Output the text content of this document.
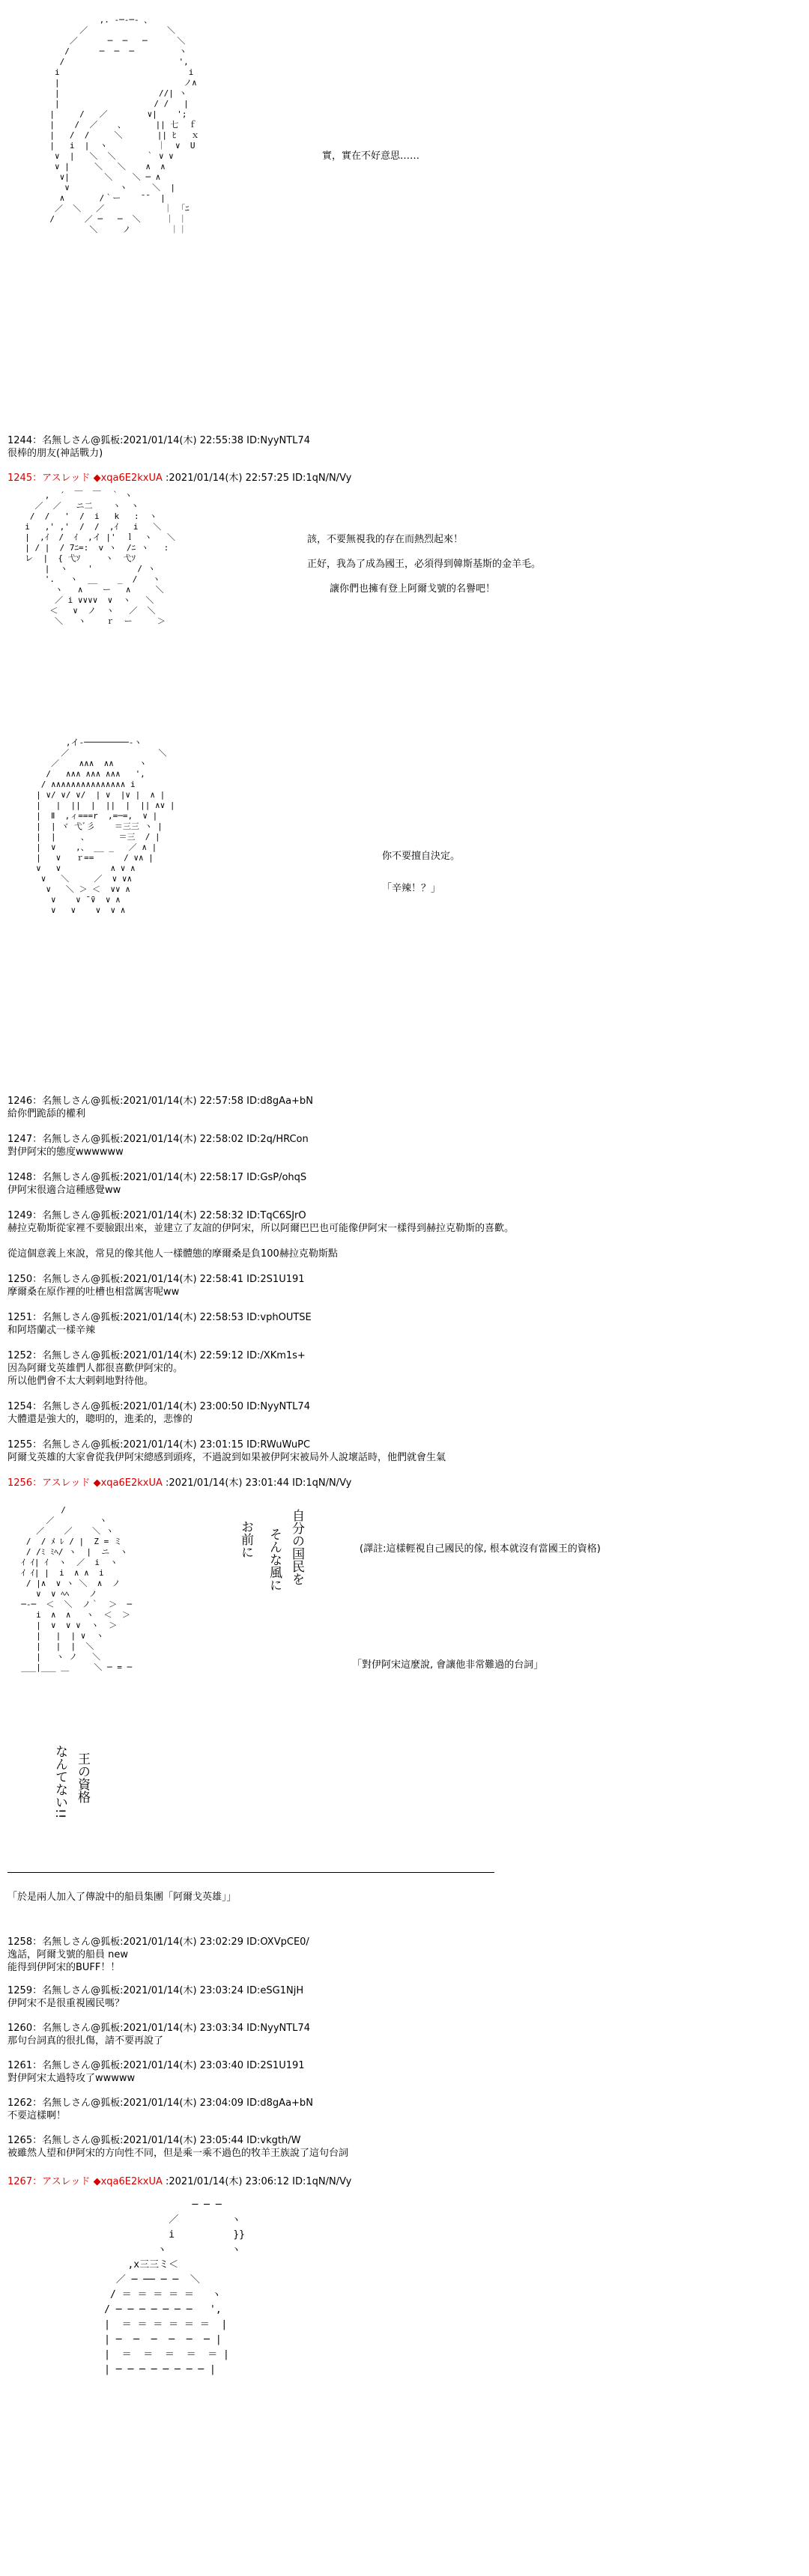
,. -─‐─- 、
／                ＼
／      ─  ─   ─      ＼
/      ─  ─  ─         ヽ
/                       ',
i                          i
|                         ノ∧
|                    //| ヽ
|                   / /   |
|     /   ／        ∨|    ';
|    /  ／    、      || 七  ｆ
|   /  /     ＼       || ﾋ   ｘ
|   i  |  ヽ          ｜  ∨  U
∨  |   ＼  ＼      ｀ ∨ ∨
∨ |     ＼   ＼    ∧  ∧
∨|       ＼    ＼ ─ ∧
∨          ヽ     ＼  |
∧       /｀ー    ̄ ̄   |
／  ＼   ／            ｜ 「ﾆ
/      ／ ─   ─  ＼     ｜ ｜
＼     ノ        ｜｜
實，實在不好意思……
1244：名無しさん@狐板:2021/01/14(木) 22:55:38 ID:NyyNTL74
很棒的朋友(神話戰力)
1245：アスレッド ◆xqa6E2kxUA :2021/01/14(木) 22:57:25 ID:1qN/N/Vy
,  ´  ￣  ￣  ｀ ヽ
／  ／   ニ二    ヽ  ヽ
/  /   '  /  i   k   :  ヽ
i   ,' ,'  /  /  ,ｲ   i   ＼
|  ,ｲ  /  ｲ  ,イ |'  ｌ  ヽ   ＼
| / |  / 7ﾆ=:  v ヽ  /ﾆ ヽ   :
レ  |  { 弋ｿ     ヽ  弋ｿ
|  ヽ    '         / ヽ
'.   ヽ  __    _  /   ヽ
ヽ   ∧    ー   ∧     ＼
／ i ∨∨∨∨  ∨  ヽ   ＼
＜   ∨  ノ  ヽ   ／  ＼
＼   ヽ    ｒ  ー     ＞
該，不要無視我的存在而熱烈起來！
正好，我為了成為國王，必須得到韓斯基斯的金羊毛。
讓你們也擁有登上阿爾戈號的名譽吧！
,イ‐─────────‐ヽ
／                  ＼
／    ∧∧∧  ∧∧     ヽ
/   ∧∧∧ ∧∧∧ ∧∧∧   ',
/ ∧∧∧∧∧∧∧∧∧∧∧∧∧∧∧ i
| ∨/ ∨/ ∨/  | ∨  |∨ |  ∧ |
|   |  ||  |  ||  |  || ∧∨ |
|  Ⅱ  ,ィ===r  ,=─=,  ∨ |
|  | ヾ 弋ﾞ彡    ＝三三 ヽ |
|  |     、      ＝三  / |
|  ∨    ,、 __ _   ／ ∧ |
|   ∨   ｒ==      / ∨∧ |
∨   ∨          ∧ ∨ ∧
∨   ＼     ／  ∨ ∨∧
∨   ＼ ＞ ＜  ∨∨ ∧
∨    ∨ ̄ ̄∨  ∨ ∧
∨   ∨    ∨  ∨ ∧
你不要擅自決定。
「辛辣！？」
1246：名無しさん@狐板:2021/01/14(木) 22:57:58 ID:d8gAa+bN
給你們跪舔的權利
1247：名無しさん@狐板:2021/01/14(木) 22:58:02 ID:2q/HRCon
對伊阿宋的態度wwwwww
1248：名無しさん@狐板:2021/01/14(木) 22:58:17 ID:GsP/ohqS
伊阿宋很適合這種感覺ww
1249：名無しさん@狐板:2021/01/14(木) 22:58:32 ID:TqC6SJrO
赫拉克勒斯從家裡不要臉跟出來，並建立了友誼的伊阿宋，所以阿爾巴巴也可能像伊阿宋一樣得到赫拉克勒斯的喜歡。
從這個意義上來說，常見的像其他人一樣體態的摩爾桑是負100赫拉克勒斯點
1250：名無しさん@狐板:2021/01/14(木) 22:58:41 ID:2S1U191
摩爾桑在原作裡的吐槽也相當厲害呢ww
1251：名無しさん@狐板:2021/01/14(木) 22:58:53 ID:vphOUTSE
和阿塔蘭忒一樣辛辣
1252：名無しさん@狐板:2021/01/14(木) 22:59:12 ID:/XKm1s+
因為阿爾戈英雄們人都很喜歡伊阿宋的。
所以他們會不太大剌剌地對待他。
1254：名無しさん@狐板:2021/01/14(木) 23:00:50 ID:NyyNTL74
大體還是強大的，聰明的，進柔的，悲慘的
1255：名無しさん@狐板:2021/01/14(木) 23:01:15 ID:RWuWuPC
阿爾戈英雄的大家會從我伊阿宋總感到頭疼，不過說到如果被伊阿宋被局外人說壞話時，他們就會生氣
1256：アスレッド ◆xqa6E2kxUA :2021/01/14(木) 23:01:44 ID:1qN/N/Vy
/
／         ヽ
／    ／    ＼ ヽ
/  / ﾒ ﾚ / |  Z = ミ
/ /ﾐ ﾐﾍ/ ヽ  |  ニ  ヽ
ｲ ｲ| ｲ  ヽ  ／  i  ヽ
ｲ ｲ| |  i  ∧ ∧  i
/ |∧  ∨ ヽ ＼  ∧  ノ
∨  ∨ ﾍﾍ    ノ
─-─  ＜  ＼  ノ｀  ＞  ─
i  ∧  ∧   ヽ  ＜  ＞
|  ∨  ∨ ∨  ヽ  ＞
|   |  | ∨  ヽ
|   |  |  ＼
|   ヽ ノ   ＼
___|___ ＿     ＼ ─ = ─
自分の国民を
そんな風に
お前に
王の資格
なんてない!!
(譯註:這樣輕視自己國民的傢, 根本就沒有當國王的資格)
「對伊阿宋這麼說, 會讓他非常難過的台詞」
「於是兩人加入了傳說中的船員集團「阿爾戈英雄」」
1258：名無しさん@狐板:2021/01/14(木) 23:02:29 ID:OXVpCE0/
逸話，阿爾戈號的船員 new
能得到伊阿宋的BUFF！！
1259：名無しさん@狐板:2021/01/14(木) 23:03:24 ID:eSG1NjH
伊阿宋不是很重視國民嗎？
1260：名無しさん@狐板:2021/01/14(木) 23:03:34 ID:NyyNTL74
那句台詞真的很扎傷，請不要再說了
1261：名無しさん@狐板:2021/01/14(木) 23:03:40 ID:2S1U191
對伊阿宋太過特攻了wwwww
1262：名無しさん@狐板:2021/01/14(木) 23:04:09 ID:d8gAa+bN
不要這樣啊！
1265：名無しさん@狐板:2021/01/14(木) 23:05:44 ID:vkgth/W
被雖然人望和伊阿宋的方向性不同，但是乘一乘不過色的牧羊王族說了這句台詞
1267：アスレッド ◆xqa6E2kxUA :2021/01/14(木) 23:06:12 ID:1qN/N/Vy
─ ─ ─
／         ヽ
i          }}
ヽ           ヽ
,x三三ミ＜
／ ─ ── ─ ─  ＼
/ ＝ ＝ ＝ ＝ ＝   ヽ
/ ─ ─ ─ ─ ─ ─ ─   ',
|  ＝ ＝ ＝ ＝ ＝ ＝  |
| ─  ─  ─  ─  ─  ─ |
|  ＝  ＝  ＝  ＝  ＝ |
| ─ ─ ─ ─ ─ ─ ─ ─ |
